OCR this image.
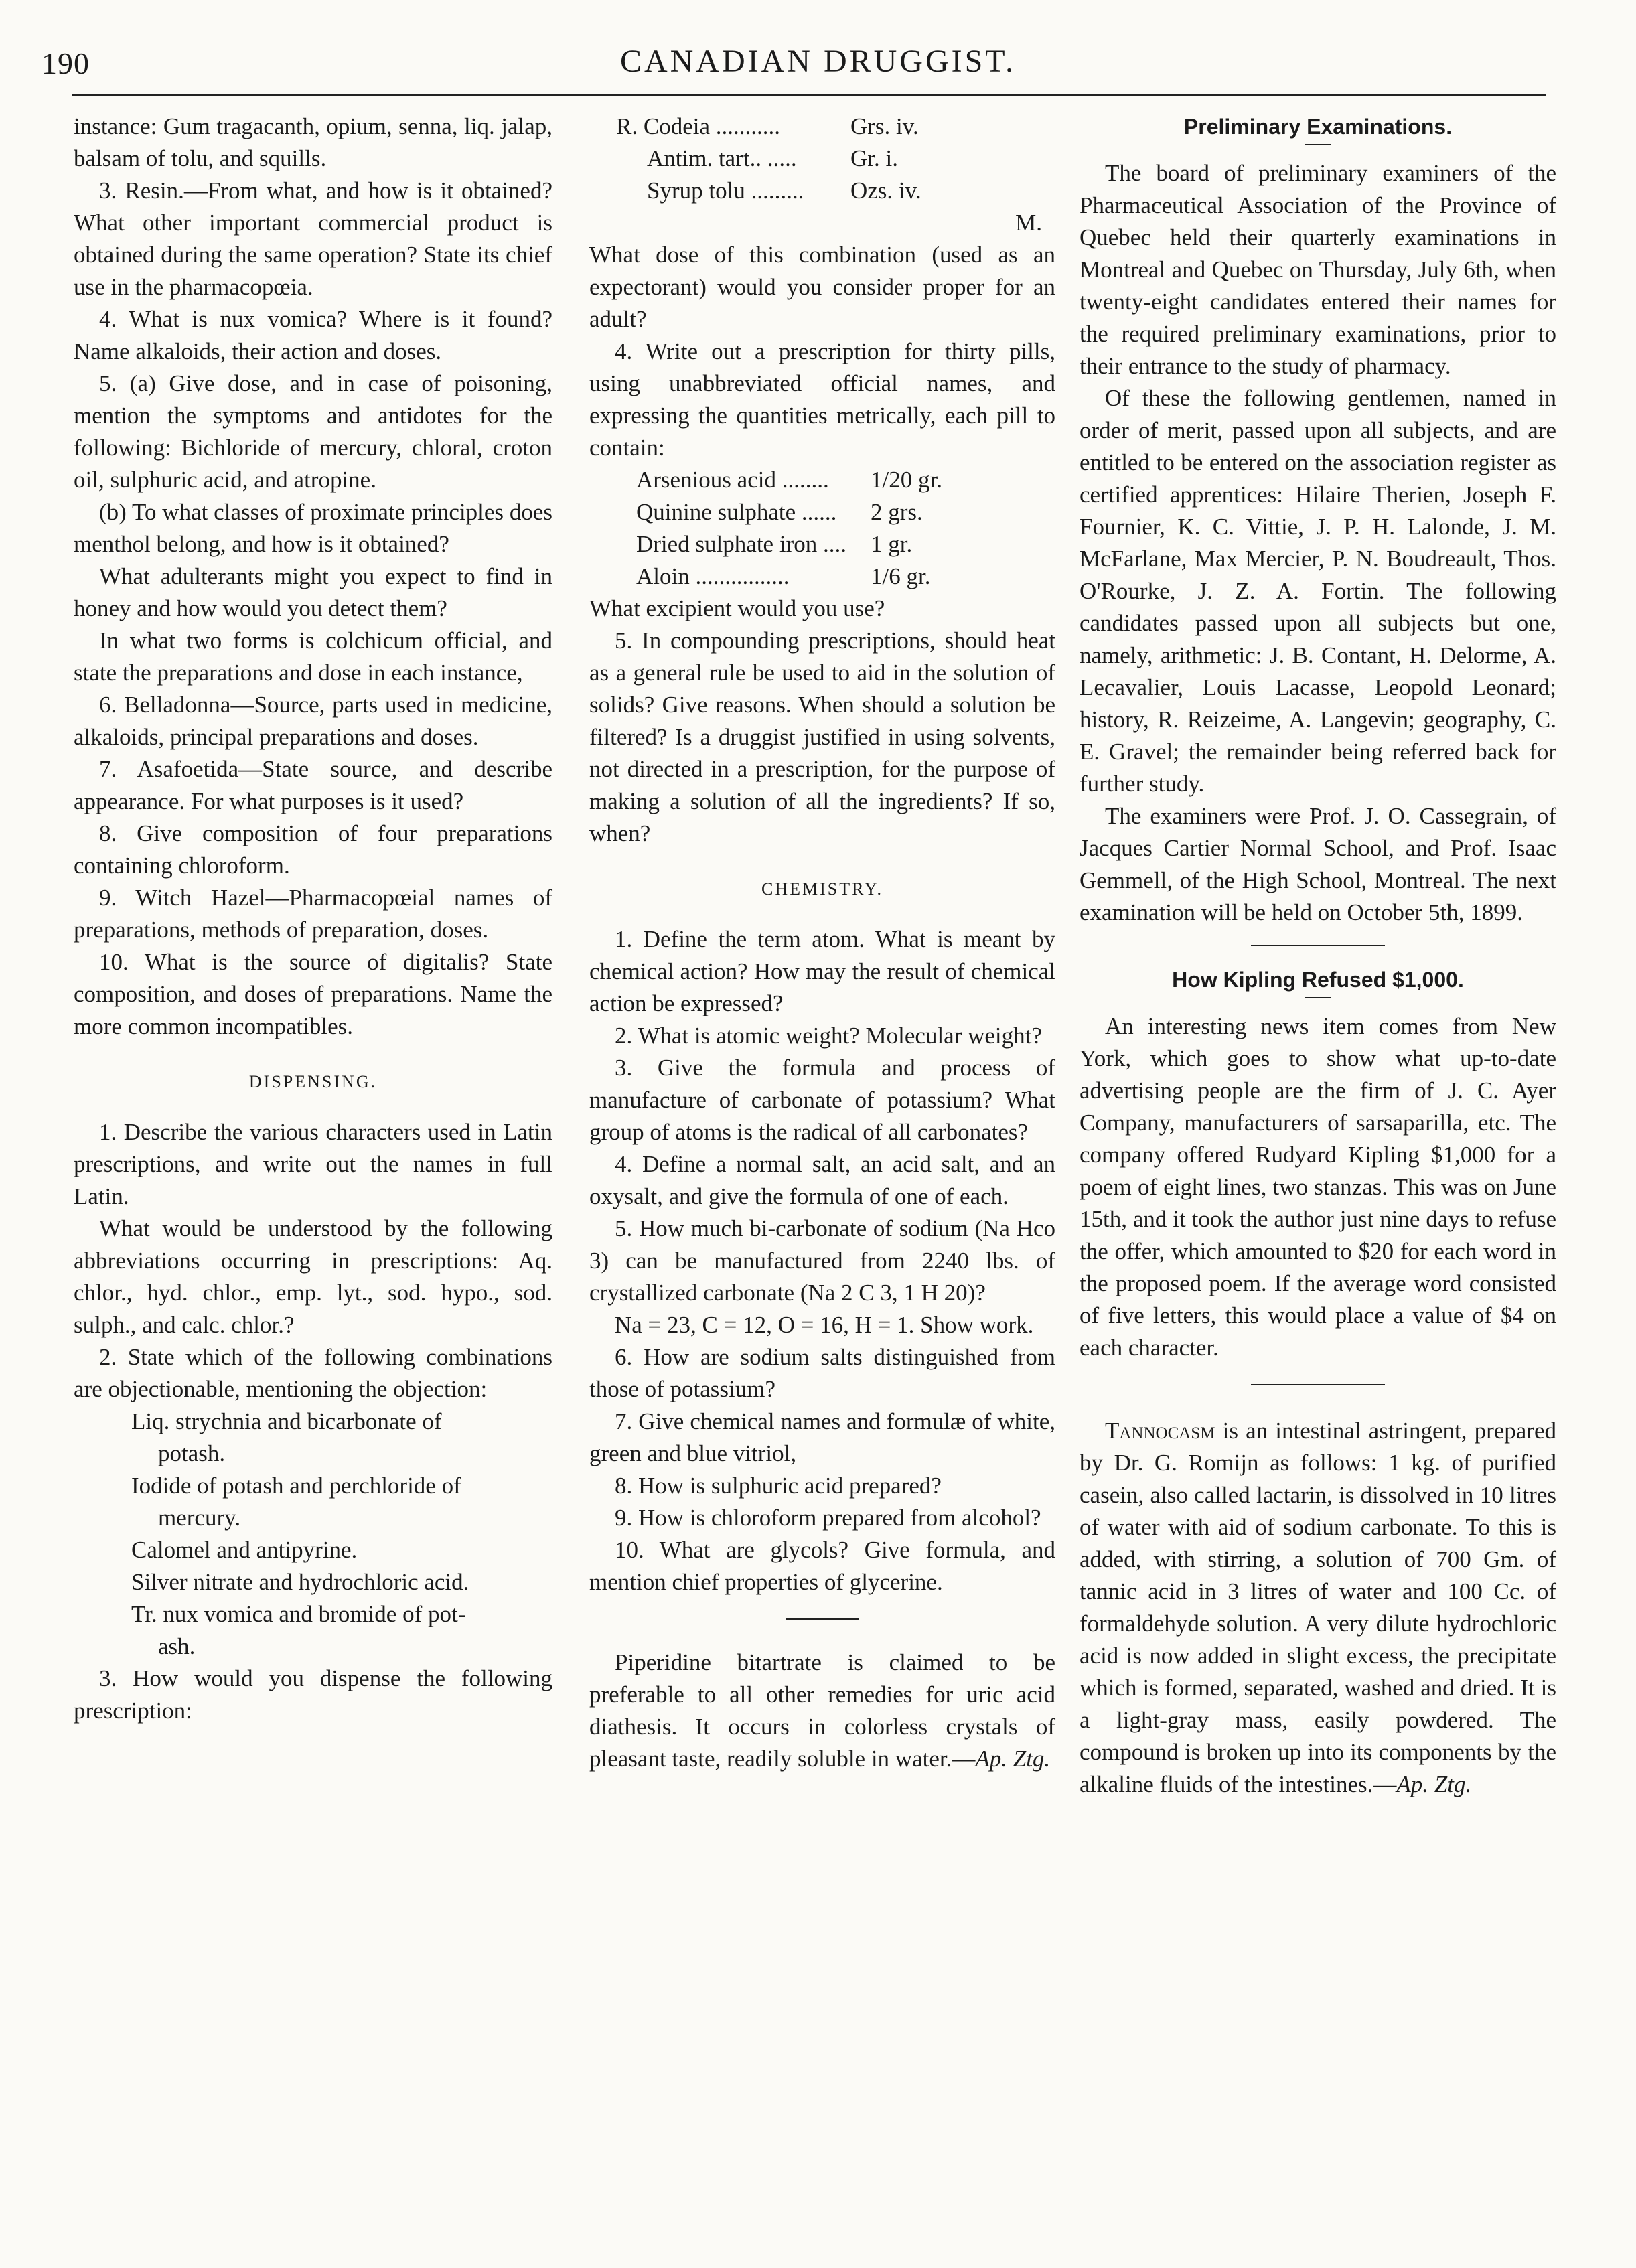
190	CANADIAN DRUGGIST.

instance: Gum tragacanth, opium, senna, liq. jalap, balsam of tolu, and squills.

3. Resin.—From what, and how is it obtained? What other important commercial product is obtained during the same operation? State its chief use in the pharmacopœia.

4. What is nux vomica? Where is it found? Name alkaloids, their action and doses.

5. (a) Give dose, and in case of poisoning, mention the symptoms and antidotes for the following: Bichloride of mercury, chloral, croton oil, sulphuric acid, and atropine.

(b) To what classes of proximate principles does menthol belong, and how is it obtained?

What adulterants might you expect to find in honey and how would you detect them?

In what two forms is colchicum official, and state the preparations and dose in each instance,

6. Belladonna—Source, parts used in medicine, alkaloids, principal preparations and doses.

7. Asafoetida—State source, and describe appearance. For what purposes is it used?

8. Give composition of four preparations containing chloroform.

9. Witch Hazel—Pharmacopœial names of preparations, methods of preparation, doses.

10. What is the source of digitalis? State composition, and doses of preparations. Name the more common incompatibles.

DISPENSING.

1. Describe the various characters used in Latin prescriptions, and write out the names in full Latin.

What would be understood by the following abbreviations occurring in prescriptions: Aq. chlor., hyd. chlor., emp. lyt., sod. hypo., sod. sulph., and calc. chlor.?

2. State which of the following combinations are objectionable, mentioning the objection:

Liq. strychnia and bicarbonate of
potash.

Iodide of potash and perchloride of
mercury.

Calomel and antipyrine.

Silver nitrate and hydrochloric acid.

Tr. nux vomica and bromide of pot-
ash.

3. How would you dispense the following prescription:

R. Codeia ...........	Grs. iv.
Antim. tart.. .....	Gr. i.
Syrup tolu .........	Ozs. iv.
M.

What dose of this combination (used as an expectorant) would you consider proper for an adult?

4. Write out a prescription for thirty pills, using unabbreviated official names, and expressing the quantities metrically, each pill to contain:

Arsenious acid ........	1/20 gr.
Quinine sulphate ......	2 grs.
Dried sulphate iron ....	1 gr.
Aloin ................	1/6 gr.

What excipient would you use?

5. In compounding prescriptions, should heat as a general rule be used to aid in the solution of solids? Give reasons. When should a solution be filtered? Is a druggist justified in using solvents, not directed in a prescription, for the purpose of making a solution of all the ingredients? If so, when?

CHEMISTRY.

1. Define the term atom. What is meant by chemical action? How may the result of chemical action be expressed?

2. What is atomic weight? Molecular weight?

3. Give the formula and process of manufacture of carbonate of potassium? What group of atoms is the radical of all carbonates?

4. Define a normal salt, an acid salt, and an oxysalt, and give the formula of one of each.

5. How much bi-carbonate of sodium (Na Hco 3) can be manufactured from 2240 lbs. of crystallized carbonate (Na 2 C 3, 1 H 20)?

Na = 23, C = 12, O = 16, H = 1. Show work.

6. How are sodium salts distinguished from those of potassium?

7. Give chemical names and formulæ of white, green and blue vitriol,

8. How is sulphuric acid prepared?

9. How is chloroform prepared from alcohol?

10. What are glycols? Give formula, and mention chief properties of glycerine.

Piperidine bitartrate is claimed to be preferable to all other remedies for uric acid diathesis. It occurs in colorless crystals of pleasant taste, readily soluble in water.—Ap. Ztg.

Preliminary Examinations.

The board of preliminary examiners of the Pharmaceutical Association of the Province of Quebec held their quarterly examinations in Montreal and Quebec on Thursday, July 6th, when twenty-eight candidates entered their names for the required preliminary examinations, prior to their entrance to the study of pharmacy.

Of these the following gentlemen, named in order of merit, passed upon all subjects, and are entitled to be entered on the association register as certified apprentices: Hilaire Therien, Joseph F. Fournier, K. C. Vittie, J. P. H. Lalonde, J. M. McFarlane, Max Mercier, P. N. Boudreault, Thos. O'Rourke, J. Z. A. Fortin. The following candidates passed upon all subjects but one, namely, arithmetic: J. B. Contant, H. Delorme, A. Lecavalier, Louis Lacasse, Leopold Leonard; history, R. Reizeime, A. Langevin; geography, C. E. Gravel; the remainder being referred back for further study.

The examiners were Prof. J. O. Cassegrain, of Jacques Cartier Normal School, and Prof. Isaac Gemmell, of the High School, Montreal. The next examination will be held on October 5th, 1899.

How Kipling Refused $1,000.

An interesting news item comes from New York, which goes to show what up-to-date advertising people are the firm of J. C. Ayer Company, manufacturers of sarsaparilla, etc. The company offered Rudyard Kipling $1,000 for a poem of eight lines, two stanzas. This was on June 15th, and it took the author just nine days to refuse the offer, which amounted to $20 for each word in the proposed poem. If the average word consisted of five letters, this would place a value of $4 on each character.

Tannocasm is an intestinal astringent, prepared by Dr. G. Romijn as follows: 1 kg. of purified casein, also called lactarin, is dissolved in 10 litres of water with aid of sodium carbonate. To this is added, with stirring, a solution of 700 Gm. of tannic acid in 3 litres of water and 100 Cc. of formaldehyde solution. A very dilute hydrochloric acid is now added in slight excess, the precipitate which is formed, separated, washed and dried. It is a light-gray mass, easily powdered. The compound is broken up into its components by the alkaline fluids of the intestines.—Ap. Ztg.
